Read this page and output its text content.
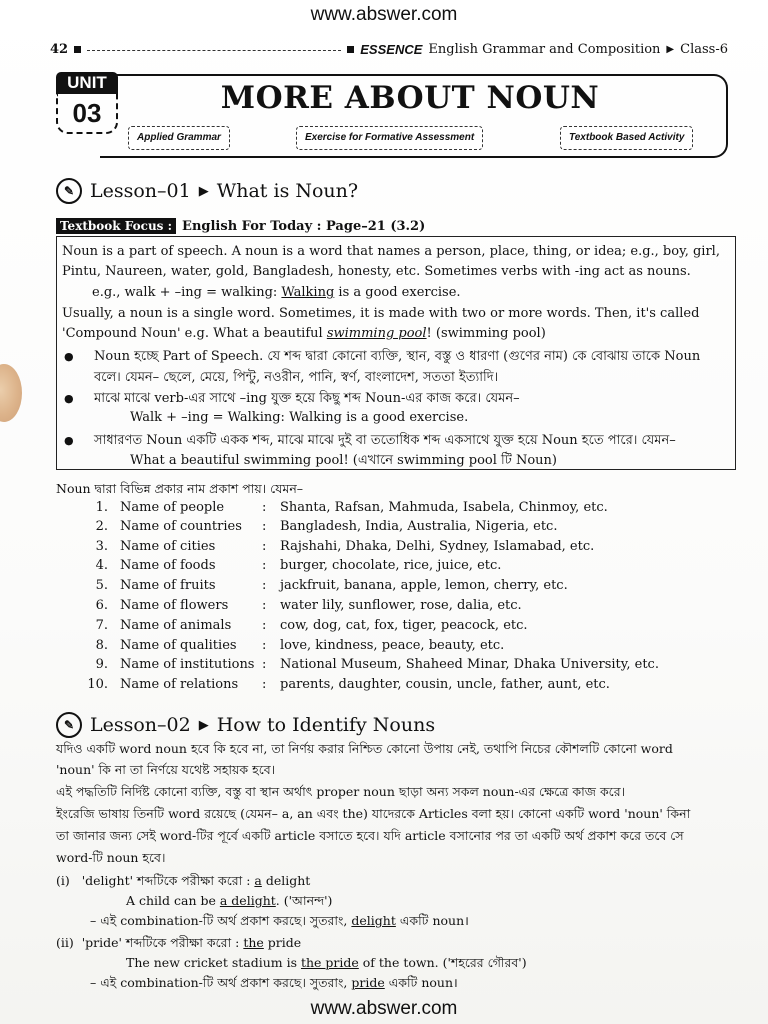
www.abswer.com
42	ESSENCE English Grammar and Composition ▶ Class-6
UNIT
03	MORE ABOUT NOUN
Applied Grammar	Exercise for Formative Assessment	Textbook Based Activity
✎ Lesson–01 ▶ What is Noun?
Textbook Focus : English For Today : Page–21 (3.2)
Noun is a part of speech. A noun is a word that names a person, place, thing, or idea; e.g., boy, girl,
Pintu, Naureen, water, gold, Bangladesh, honesty, etc. Sometimes verbs with -ing act as nouns.
e.g., walk + –ing = walking: Walking is a good exercise.
Usually, a noun is a single word. Sometimes, it is made with two or more words. Then, it's called
'Compound Noun' e.g. What a beautiful swimming pool! (swimming pool)
● Noun হচ্ছে Part of Speech. যে শব্দ দ্বারা কোনো ব্যক্তি, স্থান, বস্তু ও ধারণা (গুণের নাম) কে বোঝায় তাকে Noun
বলে। যেমন– ছেলে, মেয়ে, পিন্টু, নওরীন, পানি, স্বর্ণ, বাংলাদেশ, সততা ইত্যাদি।
● মাঝে মাঝে verb-এর সাথে –ing যুক্ত হয়ে কিছু শব্দ Noun-এর কাজ করে। যেমন–
Walk + –ing = Walking: Walking is a good exercise.
● সাধারণত Noun একটি একক শব্দ, মাঝে মাঝে দুই বা ততোধিক শব্দ একসাথে যুক্ত হয়ে Noun হতে পারে। যেমন–
What a beautiful swimming pool! (এখানে swimming pool টি Noun)
Noun দ্বারা বিভিন্ন প্রকার নাম প্রকাশ পায়। যেমন–
1. Name of people	: Shanta, Rafsan, Mahmuda, Isabela, Chinmoy, etc.
2. Name of countries : Bangladesh, India, Australia, Nigeria, etc.
3. Name of cities	: Rajshahi, Dhaka, Delhi, Sydney, Islamabad, etc.
4. Name of foods	: burger, chocolate, rice, juice, etc.
5. Name of fruits	: jackfruit, banana, apple, lemon, cherry, etc.
6. Name of flowers	: water lily, sunflower, rose, dalia, etc.
7. Name of animals : cow, dog, cat, fox, tiger, peacock, etc.
8. Name of qualities : love, kindness, peace, beauty, etc.
9. Name of institutions : National Museum, Shaheed Minar, Dhaka University, etc.
10. Name of relations : parents, daughter, cousin, uncle, father, aunt, etc.
✎ Lesson–02 ▶ How to Identify Nouns
যদিও একটি word noun হবে কি হবে না, তা নির্ণয় করার নিশ্চিত কোনো উপায় নেই, তথাপি নিচের কৌশলটি কোনো word
'noun' কি না তা নির্ণয়ে যথেষ্ট সহায়ক হবে।
এই পদ্ধতিটি নির্দিষ্ট কোনো ব্যক্তি, বস্তু বা স্থান অর্থাৎ proper noun ছাড়া অন্য সকল noun-এর ক্ষেত্রে কাজ করে।
ইংরেজি ভাষায় তিনটি word রয়েছে (যেমন– a, an এবং the) যাদেরকে Articles বলা হয়। কোনো একটি word 'noun' কিনা
তা জানার জন্য সেই word-টির পূর্বে একটি article বসাতে হবে। যদি article বসানোর পর তা একটি অর্থ প্রকাশ করে তবে সে
word-টি noun হবে।
(i) 'delight' শব্দটিকে পরীক্ষা করো : a delight
A child can be a delight. ('আনন্দ')
– এই combination-টি অর্থ প্রকাশ করছে। সুতরাং, delight একটি noun।
(ii) 'pride' শব্দটিকে পরীক্ষা করো : the pride
The new cricket stadium is the pride of the town. ('শহরের গৌরব')
– এই combination-টি অর্থ প্রকাশ করছে। সুতরাং, pride একটি noun।
www.abswer.com
